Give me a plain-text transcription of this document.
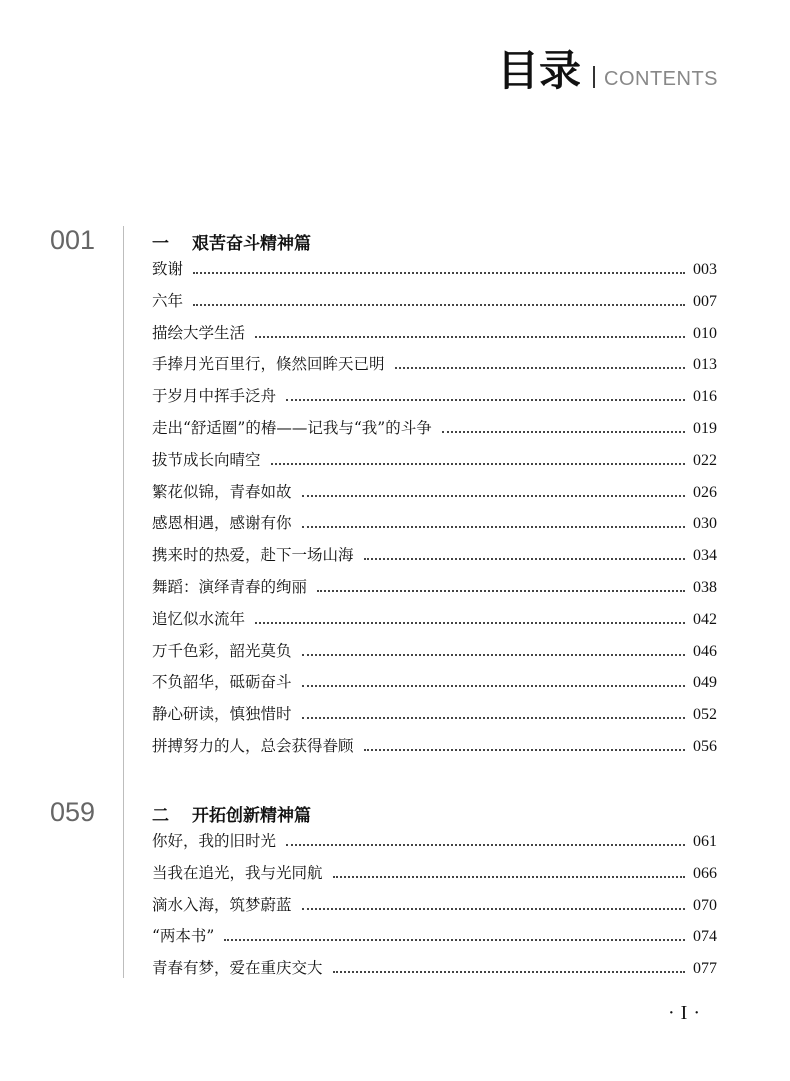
目录 CONTENTS
001	一	艰苦奋斗精神篇
致谢	003
六年	007
描绘大学生活	010
手捧月光百里行，倏然回眸天已明	013
于岁月中挥手泛舟	016
走出“舒适圈”的椿——记我与“我”的斗争	019
拔节成长向晴空	022
繁花似锦，青春如故	026
感恩相遇，感谢有你	030
携来时的热爱，赴下一场山海	034
舞蹈：演绎青春的绚丽	038
追忆似水流年	042
万千色彩，韶光莫负	046
不负韶华，砥砺奋斗	049
静心研读，慎独惜时	052
拼搏努力的人，总会获得眷顾	056
059	二	开拓创新精神篇
你好，我的旧时光	061
当我在追光，我与光同航	066
滴水入海，筑梦蔚蓝	070
“两本书”	074
青春有梦，爱在重庆交大	077
·I·
